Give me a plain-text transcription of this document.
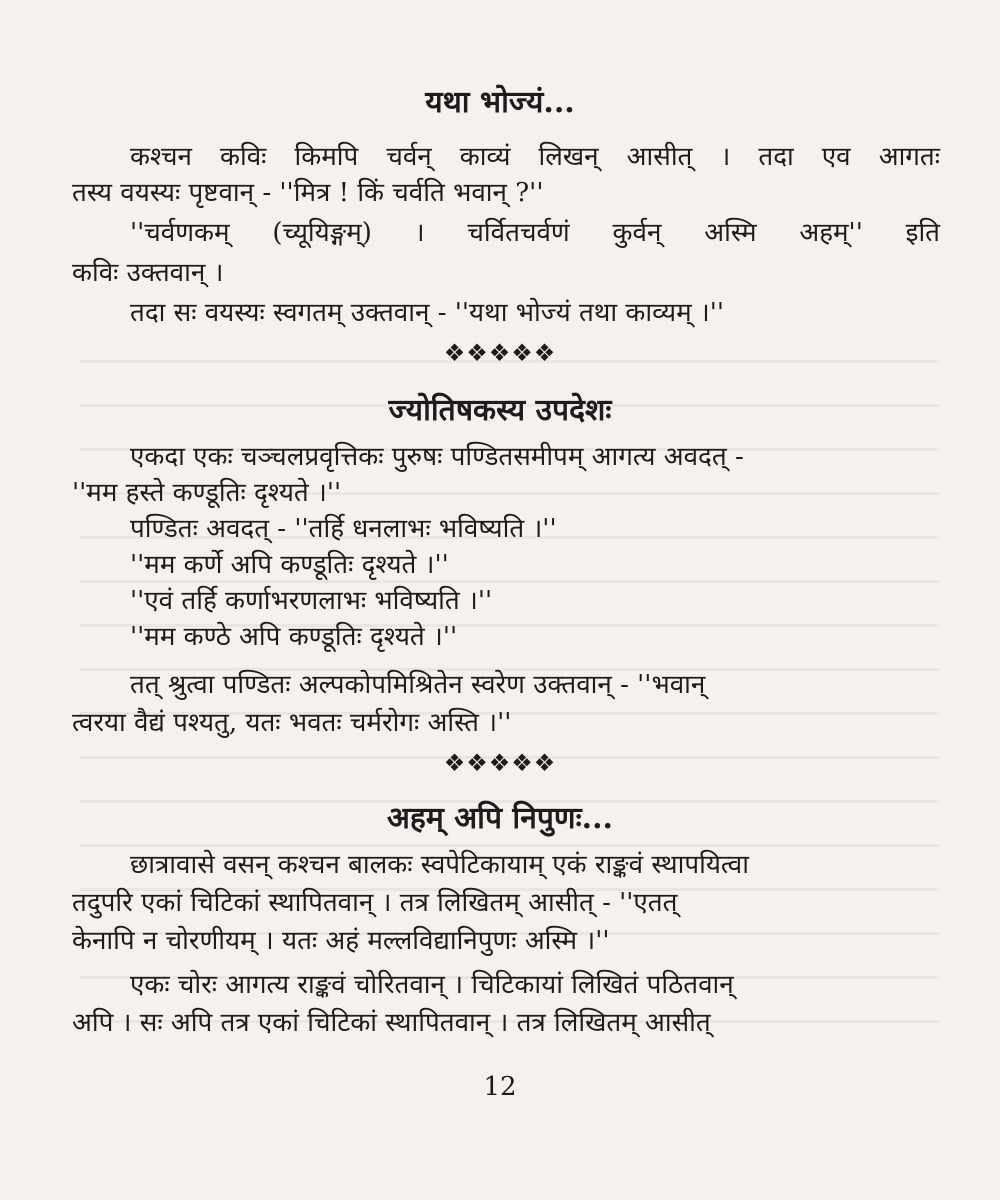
यथा भोज्यं...

कश्चन कविः किमपि चर्वन् काव्यं लिखन् आसीत् । तदा एव आगतः

तस्य वयस्यः पृष्टवान् - ''मित्र ! किं चर्वति भवान् ?''

''चर्वणकम् (च्यूयिङ्गम्) । चर्वितचर्वणं कुर्वन् अस्मि अहम्'' इति

कविः उक्तवान् ।

तदा सः वयस्यः स्वगतम् उक्तवान् - ''यथा भोज्यं तथा काव्यम् ।''

❖❖❖❖❖
ज्योतिषकस्य उपदेशः

एकदा एकः चञ्चलप्रवृत्तिकः पुरुषः पण्डितसमीपम् आगत्य अवदत् -

''मम हस्ते कण्डूतिः दृश्यते ।''

पण्डितः अवदत् - ''तर्हि धनलाभः भविष्यति ।''

''मम कर्णे अपि कण्डूतिः दृश्यते ।''

''एवं तर्हि कर्णाभरणलाभः भविष्यति ।''

''मम कण्ठे अपि कण्डूतिः दृश्यते ।''

तत् श्रुत्वा पण्डितः अल्पकोपमिश्रितेन स्वरेण उक्तवान् - ''भवान्

त्वरया वैद्यं पश्यतु, यतः भवतः चर्मरोगः अस्ति ।''

❖❖❖❖❖
अहम् अपि निपुणः...

छात्रावासे वसन् कश्चन बालकः स्वपेटिकायाम् एकं राङ्कवं स्थापयित्वा

तदुपरि एकां चिटिकां स्थापितवान् । तत्र लिखितम् आसीत् - ''एतत्

केनापि न चोरणीयम् । यतः अहं मल्लविद्यानिपुणः अस्मि ।''

एकः चोरः आगत्य राङ्कवं चोरितवान् । चिटिकायां लिखितं पठितवान्

अपि । सः अपि तत्र एकां चिटिकां स्थापितवान् । तत्र लिखितम् आसीत्

12
